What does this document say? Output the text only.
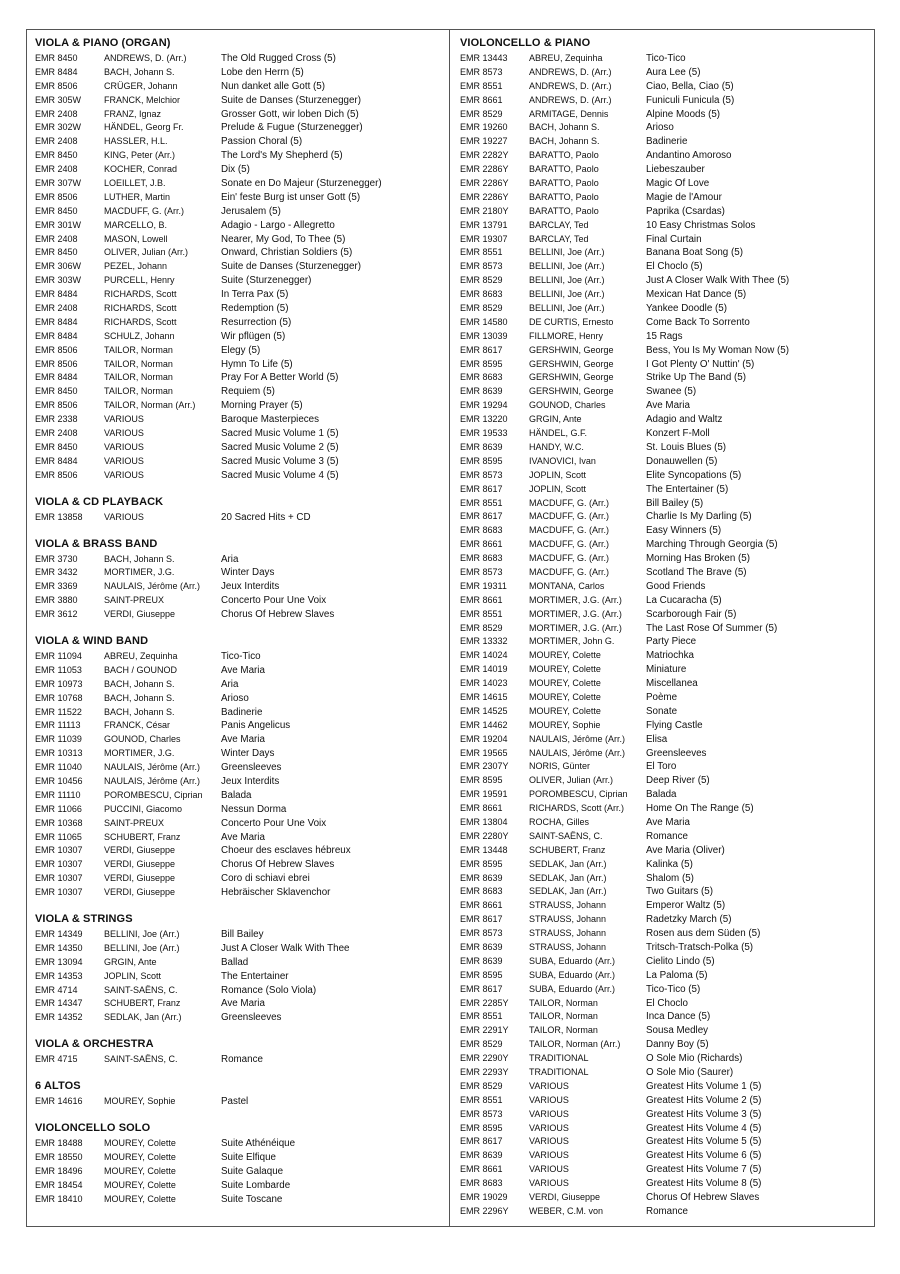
VIOLA & PIANO (ORGAN)
EMR 8450	ANDREWS, D. (Arr.)	The Old Rugged Cross (5)
EMR 8484	BACH, Johann S.	Lobe den Herrn (5)
EMR 8506	CRÜGER, Johann	Nun danket alle Gott (5)
EMR 305W	FRANCK, Melchior	Suite de Danses (Sturzenegger)
EMR 2408	FRANZ, Ignaz	Grosser Gott, wir loben Dich (5)
EMR 302W	HÄNDEL, Georg Fr.	Prelude & Fugue (Sturzenegger)
EMR 2408	HASSLER, H.L.	Passion Choral (5)
EMR 8450	KING, Peter (Arr.)	The Lord's My Shepherd (5)
EMR 2408	KOCHER, Conrad	Dix (5)
EMR 307W	LOEILLET, J.B.	Sonate en Do Majeur (Sturzenegger)
EMR 8506	LUTHER, Martin	Ein' feste Burg ist unser Gott (5)
EMR 8450	MACDUFF, G. (Arr.)	Jerusalem (5)
EMR 301W	MARCELLO, B.	Adagio - Largo - Allegretto
EMR 2408	MASON, Lowell	Nearer, My God, To Thee (5)
EMR 8450	OLIVER, Julian (Arr.)	Onward, Christian Soldiers (5)
EMR 306W	PEZEL, Johann	Suite de Danses (Sturzenegger)
EMR 303W	PURCELL, Henry	Suite (Sturzenegger)
EMR 8484	RICHARDS, Scott	In Terra Pax (5)
EMR 2408	RICHARDS, Scott	Redemption (5)
EMR 8484	RICHARDS, Scott	Resurrection (5)
EMR 8484	SCHULZ, Johann	Wir pflügen (5)
EMR 8506	TAILOR, Norman	Elegy (5)
EMR 8506	TAILOR, Norman	Hymn To Life (5)
EMR 8484	TAILOR, Norman	Pray For A Better World (5)
EMR 8450	TAILOR, Norman	Requiem (5)
EMR 8506	TAILOR, Norman (Arr.)	Morning Prayer (5)
EMR 2338	VARIOUS	Baroque Masterpieces
EMR 2408	VARIOUS	Sacred Music Volume 1 (5)
EMR 8450	VARIOUS	Sacred Music Volume 2 (5)
EMR 8484	VARIOUS	Sacred Music Volume 3 (5)
EMR 8506	VARIOUS	Sacred Music Volume 4 (5)
VIOLA & CD PLAYBACK
EMR 13858	VARIOUS	20 Sacred Hits + CD
VIOLA & BRASS BAND
EMR 3730	BACH, Johann S.	Aria
EMR 3432	MORTIMER, J.G.	Winter Days
EMR 3369	NAULAIS, Jérôme (Arr.)	Jeux Interdits
EMR 3880	SAINT-PREUX	Concerto Pour Une Voix
EMR 3612	VERDI, Giuseppe	Chorus Of Hebrew Slaves
VIOLA & WIND BAND
EMR 11094	ABREU, Zequinha	Tico-Tico
EMR 11053	BACH / GOUNOD	Ave Maria
EMR 10973	BACH, Johann S.	Aria
EMR 10768	BACH, Johann S.	Arioso
EMR 11522	BACH, Johann S.	Badinerie
EMR 11113	FRANCK, César	Panis Angelicus
EMR 11039	GOUNOD, Charles	Ave Maria
EMR 10313	MORTIMER, J.G.	Winter Days
EMR 11040	NAULAIS, Jérôme (Arr.)	Greensleeves
EMR 10456	NAULAIS, Jérôme (Arr.)	Jeux Interdits
EMR 11110	POROMBESCU, Ciprian	Balada
EMR 11066	PUCCINI, Giacomo	Nessun Dorma
EMR 10368	SAINT-PREUX	Concerto Pour Une Voix
EMR 11065	SCHUBERT, Franz	Ave Maria
EMR 10307	VERDI, Giuseppe	Choeur des esclaves hébreux
EMR 10307	VERDI, Giuseppe	Chorus Of Hebrew Slaves
EMR 10307	VERDI, Giuseppe	Coro di schiavi ebrei
EMR 10307	VERDI, Giuseppe	Hebräischer Sklavenchor
VIOLA & STRINGS
EMR 14349	BELLINI, Joe (Arr.)	Bill Bailey
EMR 14350	BELLINI, Joe (Arr.)	Just A Closer Walk With Thee
EMR 13094	GRGIN, Ante	Ballad
EMR 14353	JOPLIN, Scott	The Entertainer
EMR 4714	SAINT-SAËNS, C.	Romance (Solo Viola)
EMR 14347	SCHUBERT, Franz	Ave Maria
EMR 14352	SEDLAK, Jan (Arr.)	Greensleeves
VIOLA & ORCHESTRA
EMR 4715	SAINT-SAËNS, C.	Romance
6 ALTOS
EMR 14616	MOUREY, Sophie	Pastel
VIOLONCELLO SOLO
EMR 18488	MOUREY, Colette	Suite Athénéique
EMR 18550	MOUREY, Colette	Suite Elfique
EMR 18496	MOUREY, Colette	Suite Galaque
EMR 18454	MOUREY, Colette	Suite Lombarde
EMR 18410	MOUREY, Colette	Suite Toscane
VIOLONCELLO & PIANO
EMR 13443	ABREU, Zequinha	Tico-Tico
EMR 8573	ANDREWS, D. (Arr.)	Aura Lee (5)
EMR 8551	ANDREWS, D. (Arr.)	Ciao, Bella, Ciao (5)
EMR 8661	ANDREWS, D. (Arr.)	Funiculi Funicula (5)
EMR 8529	ARMITAGE, Dennis	Alpine Moods (5)
EMR 19260	BACH, Johann S.	Arioso
EMR 19227	BACH, Johann S.	Badinerie
EMR 2282Y	BARATTO, Paolo	Andantino Amoroso
EMR 2286Y	BARATTO, Paolo	Liebeszauber
EMR 2286Y	BARATTO, Paolo	Magic Of Love
EMR 2286Y	BARATTO, Paolo	Magie de l'Amour
EMR 2180Y	BARATTO, Paolo	Paprika (Csardas)
EMR 13791	BARCLAY, Ted	10 Easy Christmas Solos
EMR 19307	BARCLAY, Ted	Final Curtain
EMR 8551	BELLINI, Joe (Arr.)	Banana Boat Song (5)
EMR 8573	BELLINI, Joe (Arr.)	El Choclo (5)
EMR 8529	BELLINI, Joe (Arr.)	Just A Closer Walk With Thee (5)
EMR 8683	BELLINI, Joe (Arr.)	Mexican Hat Dance (5)
EMR 8529	BELLINI, Joe (Arr.)	Yankee Doodle (5)
EMR 14580	DE CURTIS, Ernesto	Come Back To Sorrento
EMR 13039	FILLMORE, Henry	15 Rags
EMR 8617	GERSHWIN, George	Bess, You Is My Woman Now (5)
EMR 8595	GERSHWIN, George	I Got Plenty O' Nuttin' (5)
EMR 8683	GERSHWIN, George	Strike Up The Band (5)
EMR 8639	GERSHWIN, George	Swanee (5)
EMR 19294	GOUNOD, Charles	Ave Maria
EMR 13220	GRGIN, Ante	Adagio and Waltz
EMR 19533	HÄNDEL, G.F.	Konzert F-Moll
EMR 8639	HANDY, W.C.	St. Louis Blues (5)
EMR 8595	IVANOVICI, Ivan	Donauwellen (5)
EMR 8573	JOPLIN, Scott	Elite Syncopations (5)
EMR 8617	JOPLIN, Scott	The Entertainer (5)
EMR 8551	MACDUFF, G. (Arr.)	Bill Bailey (5)
EMR 8617	MACDUFF, G. (Arr.)	Charlie Is My Darling (5)
EMR 8683	MACDUFF, G. (Arr.)	Easy Winners (5)
EMR 8661	MACDUFF, G. (Arr.)	Marching Through Georgia (5)
EMR 8683	MACDUFF, G. (Arr.)	Morning Has Broken (5)
EMR 8573	MACDUFF, G. (Arr.)	Scotland The Brave (5)
EMR 19311	MONTANA, Carlos	Good Friends
EMR 8661	MORTIMER, J.G. (Arr.)	La Cucaracha (5)
EMR 8551	MORTIMER, J.G. (Arr.)	Scarborough Fair (5)
EMR 8529	MORTIMER, J.G. (Arr.)	The Last Rose Of Summer (5)
EMR 13332	MORTIMER, John G.	Party Piece
EMR 14024	MOUREY, Colette	Matriochka
EMR 14019	MOUREY, Colette	Miniature
EMR 14023	MOUREY, Colette	Miscellanea
EMR 14615	MOUREY, Colette	Poème
EMR 14525	MOUREY, Colette	Sonate
EMR 14462	MOUREY, Sophie	Flying Castle
EMR 19204	NAULAIS, Jérôme (Arr.)	Elisa
EMR 19565	NAULAIS, Jérôme (Arr.)	Greensleeves
EMR 2307Y	NORIS, Günter	El Toro
EMR 8595	OLIVER, Julian (Arr.)	Deep River (5)
EMR 19591	POROMBESCU, Ciprian	Balada
EMR 8661	RICHARDS, Scott (Arr.)	Home On The Range (5)
EMR 13804	ROCHA, Gilles	Ave Maria
EMR 2280Y	SAINT-SAËNS, C.	Romance
EMR 13448	SCHUBERT, Franz	Ave Maria (Oliver)
EMR 8595	SEDLAK, Jan (Arr.)	Kalinka (5)
EMR 8639	SEDLAK, Jan (Arr.)	Shalom (5)
EMR 8683	SEDLAK, Jan (Arr.)	Two Guitars (5)
EMR 8661	STRAUSS, Johann	Emperor Waltz (5)
EMR 8617	STRAUSS, Johann	Radetzky March (5)
EMR 8573	STRAUSS, Johann	Rosen aus dem Süden (5)
EMR 8639	STRAUSS, Johann	Tritsch-Tratsch-Polka (5)
EMR 8639	SUBA, Eduardo (Arr.)	Cielito Lindo (5)
EMR 8595	SUBA, Eduardo (Arr.)	La Paloma (5)
EMR 8617	SUBA, Eduardo (Arr.)	Tico-Tico (5)
EMR 2285Y	TAILOR, Norman	El Choclo
EMR 8551	TAILOR, Norman	Inca Dance (5)
EMR 2291Y	TAILOR, Norman	Sousa Medley
EMR 8529	TAILOR, Norman (Arr.)	Danny Boy (5)
EMR 2290Y	TRADITIONAL	O Sole Mio (Richards)
EMR 2293Y	TRADITIONAL	O Sole Mio (Saurer)
EMR 8529	VARIOUS	Greatest Hits Volume 1 (5)
EMR 8551	VARIOUS	Greatest Hits Volume 2 (5)
EMR 8573	VARIOUS	Greatest Hits Volume 3 (5)
EMR 8595	VARIOUS	Greatest Hits Volume 4 (5)
EMR 8617	VARIOUS	Greatest Hits Volume 5 (5)
EMR 8639	VARIOUS	Greatest Hits Volume 6 (5)
EMR 8661	VARIOUS	Greatest Hits Volume 7 (5)
EMR 8683	VARIOUS	Greatest Hits Volume 8 (5)
EMR 19029	VERDI, Giuseppe	Chorus Of Hebrew Slaves
EMR 2296Y	WEBER, C.M. von	Romance
